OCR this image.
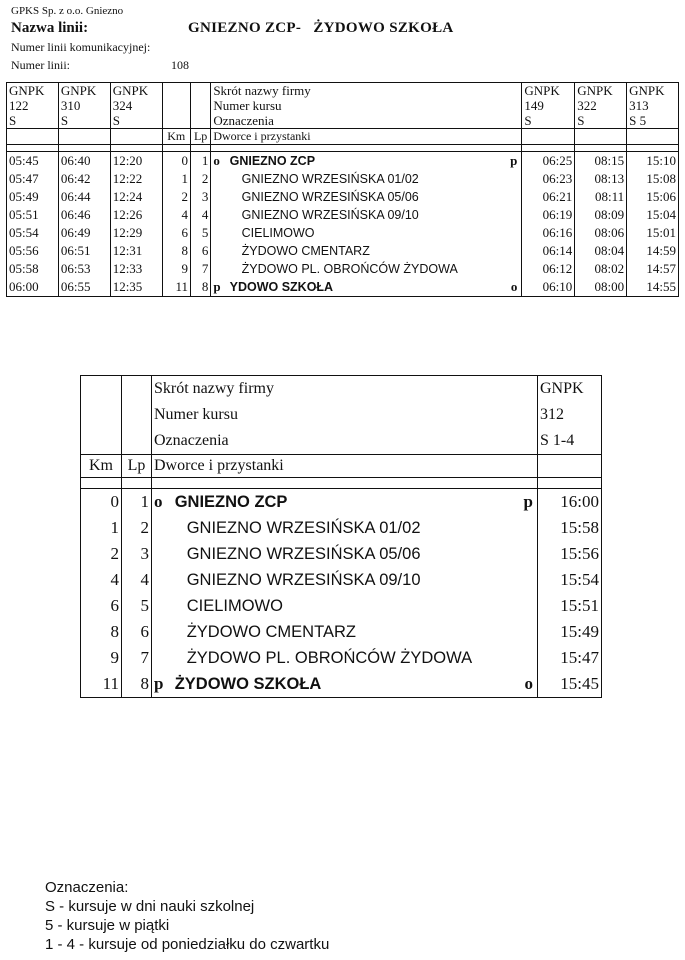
GPKS Sp. z o.o. Gniezno
Nazwa linii:	GNIEZNO ZCP-   ŻYDOWO SZKOŁA
Numer linii komunikacyjnej:
Numer linii:	108
GNPK	GNPK	GNPK			Skrót nazwy firmy	GNPK	GNPK	GNPK
122	310	324			Numer kursu	149	322	313
S	S	S			Oznaczenia	S	S	S 5
			Km	Lp	Dworce i przystanki			

05:45	06:40	12:20	0	1	o GNIEZNO ZCP p	06:25	08:15	15:10
05:47	06:42	12:22	1	2	GNIEZNO WRZESIŃSKA 01/02	06:23	08:13	15:08
05:49	06:44	12:24	2	3	GNIEZNO WRZESIŃSKA 05/06	06:21	08:11	15:06
05:51	06:46	12:26	4	4	GNIEZNO WRZESIŃSKA 09/10	06:19	08:09	15:04
05:54	06:49	12:29	6	5	CIELIMOWO	06:16	08:06	15:01
05:56	06:51	12:31	8	6	ŻYDOWO CMENTARZ	06:14	08:04	14:59
05:58	06:53	12:33	9	7	ŻYDOWO PL. OBROŃCÓW ŻYDOWA	06:12	08:02	14:57
06:00	06:55	12:35	11	8	p YDOWO SZKOŁA o	06:10	08:00	14:55
		Skrót nazwy firmy	GNPK
		Numer kursu	312
		Oznaczenia	S 1-4
Km	Lp	Dworce i przystanki	

0	1	o GNIEZNO ZCP p	16:00
1	2	GNIEZNO WRZESIŃSKA 01/02	15:58
2	3	GNIEZNO WRZESIŃSKA 05/06	15:56
4	4	GNIEZNO WRZESIŃSKA 09/10	15:54
6	5	CIELIMOWO	15:51
8	6	ŻYDOWO CMENTARZ	15:49
9	7	ŻYDOWO PL. OBROŃCÓW ŻYDOWA	15:47
11	8	p ŻYDOWO SZKOŁA o	15:45
Oznaczenia:
S - kursuje w dni nauki szkolnej
5 - kursuje w piątki
1 - 4 - kursuje od poniedziałku do czwartku
